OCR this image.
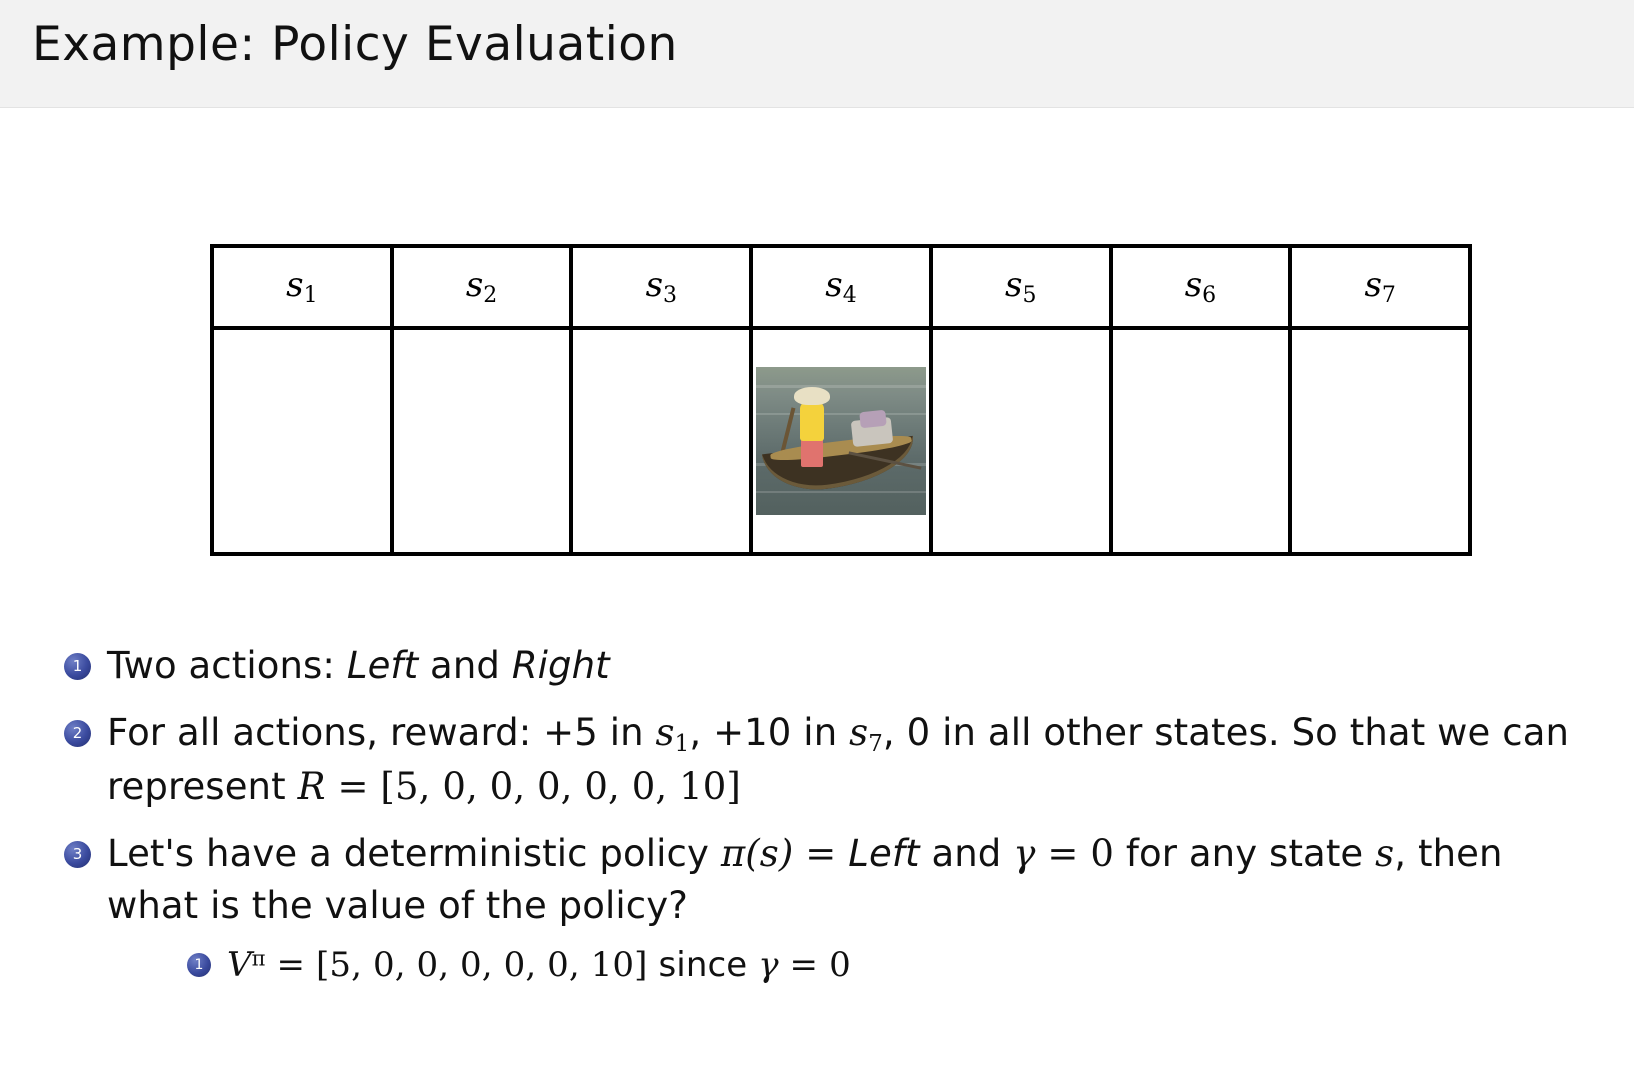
Example: Policy Evaluation
$s_1$	$s_2$	$s_3$	$s_4$	$s_5$	$s_6$	$s_7$
1 Two actions: Left and Right
2 For all actions, reward: +5 in $s_1$, +10 in $s_7$, 0 in all other states. So that we can represent R = [5, 0, 0, 0, 0, 0, 10]
3 Let's have a deterministic policy π(s) = Left and γ = 0 for any state s, then what is the value of the policy?
1 $V^\pi = [5$, 0, 0, 0, 0, 0, 10] since γ = 0
